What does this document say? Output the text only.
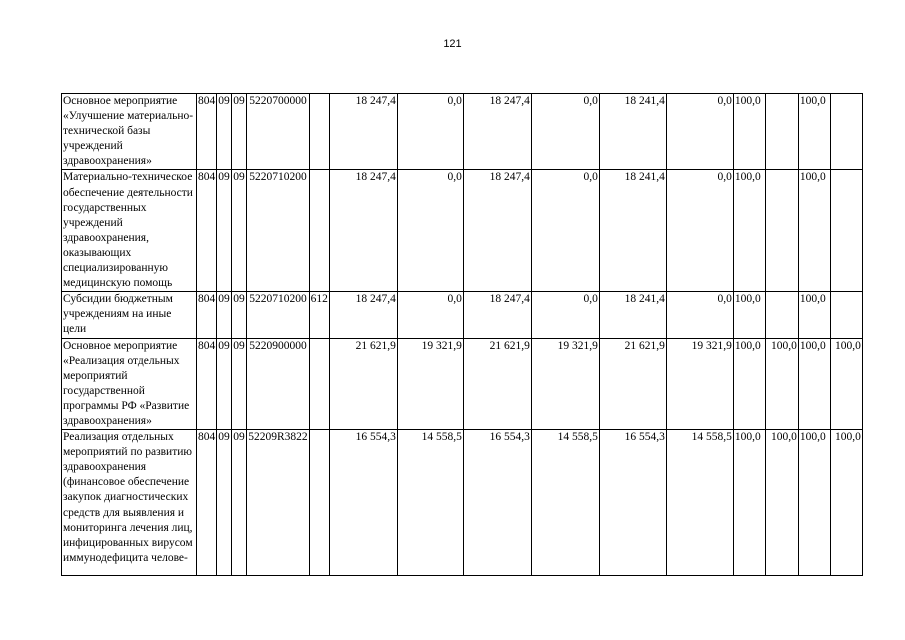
121
Основное мероприятие «Улучшение материально-технической базы учреждений здравоохранения»	804	09	09	5220700000		18 247,4	0,0	18 247,4	0,0	18 241,4	0,0	100,0		100,0	
Материально-техническое обеспечение деятельности государственных учреждений здравоохранения, оказывающих специализированную медицинскую помощь	804	09	09	5220710200		18 247,4	0,0	18 247,4	0,0	18 241,4	0,0	100,0		100,0	
Субсидии бюджетным учреждениям на иные цели	804	09	09	5220710200	612	18 247,4	0,0	18 247,4	0,0	18 241,4	0,0	100,0		100,0	
Основное мероприятие «Реализация отдельных мероприятий государственной программы РФ «Развитие здравоохранения»	804	09	09	5220900000		21 621,9	19 321,9	21 621,9	19 321,9	21 621,9	19 321,9	100,0	100,0	100,0	100,0
Реализация отдельных мероприятий по развитию здравоохранения (финансовое обеспечение закупок диагностических средств для выявления и мониторинга лечения лиц, инфицированных вирусом иммунодефицита челове-	804	09	09	52209R3822		16 554,3	14 558,5	16 554,3	14 558,5	16 554,3	14 558,5	100,0	100,0	100,0	100,0
